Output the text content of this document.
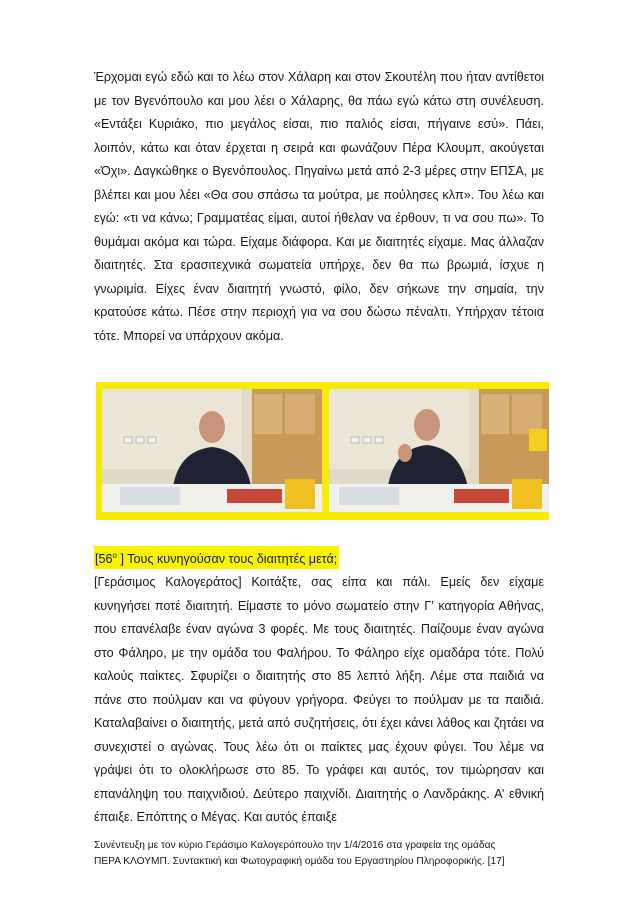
Έρχομαι εγώ εδώ και το λέω στον Χάλαρη και στον Σκουτέλη που ήταν αντίθετοι με τον Βγενόπουλο και μου λέει ο Χάλαρης, θα πάω εγώ κάτω στη συνέλευση. «Εντάξει Κυριάκο, πιο μεγάλος είσαι, πιο παλιός είσαι, πήγαινε εσύ». Πάει, λοιπόν, κάτω και όταν έρχεται η σειρά και φωνάζουν Πέρα Κλουμπ, ακούγεται «Όχι». Δαγκώθηκε ο Βγενόπουλος. Πηγαίνω μετά από 2-3 μέρες στην ΕΠΣΑ, με βλέπει και μου λέει «Θα σου σπάσω τα μούτρα, με πούλησες κλπ». Του λέω και εγώ: «τι να κάνω; Γραμματέας είμαι, αυτοί ήθελαν να έρθουν, τι να σου πω». Το θυμάμαι ακόμα και τώρα. Είχαμε διάφορα. Και με διαιτητές είχαμε. Μας άλλαζαν διαιτητές. Στα ερασιτεχνικά σωματεία υπήρχε, δεν θα πω βρωμιά, ίσχυε η γνωριμία. Είχες έναν διαιτητή γνωστό, φίλο, δεν σήκωνε την σημαία, την κρατούσε κάτω. Πέσε στην περιοχή για να σου δώσω πέναλτι. Υπήρχαν τέτοια τότε. Μπορεί να υπάρχουν ακόμα.

[$56^o$ ] Τους κυνηγούσαν τους διαιτητές μετά;

[Γεράσιμος Καλογεράτος] Κοιτάξτε, σας είπα και πάλι. Εμείς δεν είχαμε κυνηγήσει ποτέ διαιτητή. Είμαστε το μόνο σωματείο στην Γ’ κατηγορία Αθήνας, που επανέλαβε έναν αγώνα 3 φορές. Με τους διαιτητές. Παίζουμε έναν αγώνα στο Φάληρο, με την ομάδα του Φαλήρου. Το Φάληρο είχε ομαδάρα τότε. Πολύ καλούς παίκτες. Σφυρίζει ο διαιτητής στο 85 λεπτό λήξη. Λέμε στα παιδιά να πάνε στο πούλμαν και να φύγουν γρήγορα. Φεύγει το πούλμαν με τα παιδιά. Καταλαβαίνει ο διαιτητής, μετά από συζητήσεις, ότι έχει κάνει λάθος και ζητάει να συνεχιστεί ο αγώνας. Τους λέω ότι οι παίκτες μας έχουν φύγει. Του λέμε να γράψει ότι το ολοκλήρωσε στο 85. Το γράφει και αυτός, τον τιμώρησαν και επανάληψη του παιχνιδιού. Δεύτερο παιχνίδι. Διαιτητής ο Λανδράκης. Α’ εθνική έπαιξε. Επόπτης ο Μέγας. Και αυτός έπαιξε

Συνέντευξη με τον κύριο Γεράσιμο Καλογερόπουλο την 1/4/2016 στα γραφεία της ομάδας
ΠΕΡΑ ΚΛΟΥΜΠ. Συντακτική και Φωτογραφική ομάδα του Εργαστηρίου Πληροφορικής. [17]
